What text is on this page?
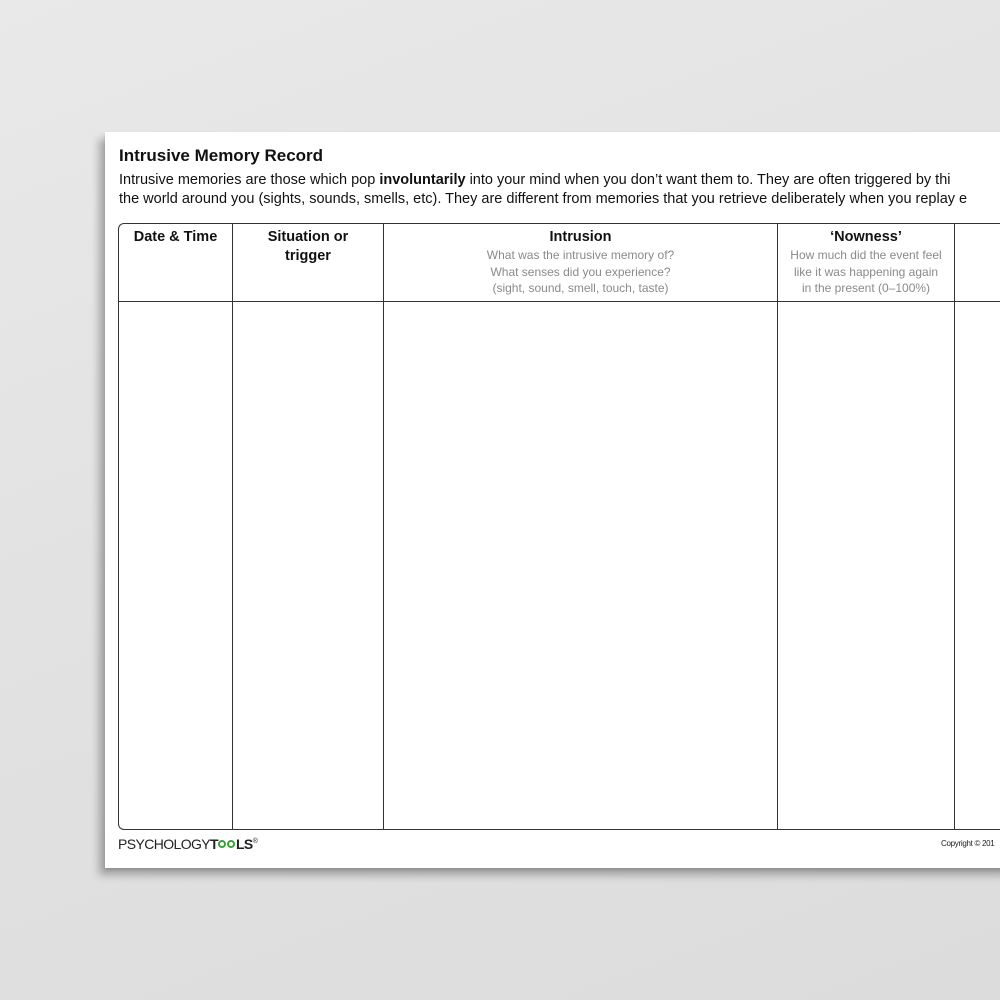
Intrusive Memory Record

Intrusive memories are those which pop involuntarily into your mind when you don’t want them to. They are often triggered by thi
the world around you (sights, sounds, smells, etc). They are different from memories that you retrieve deliberately when you replay e

Date & Time	Situation or trigger
Intrusion
What was the intrusive memory of?
What senses did you experience?
(sight, sound, smell, touch, taste)
‘Nowness’
How much did the event feel
like it was happening again
in the present (0–100%)
PSYCHOLOGYT LS®	Copyright © 201
